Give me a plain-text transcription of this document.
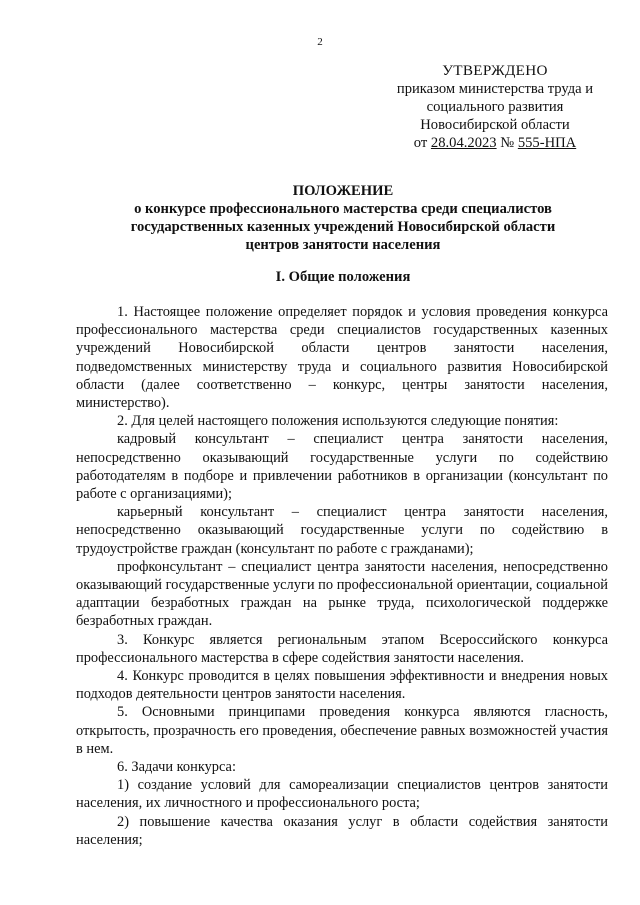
2
УТВЕРЖДЕНО
приказом министерства труда и
социального развития
Новосибирской области
от 28.04.2023 № 555-НПА
ПОЛОЖЕНИЕ
о конкурсе профессионального мастерства среди специалистов
государственных казенных учреждений Новосибирской области
центров занятости населения
I. Общие положения

1. Настоящее положение определяет порядок и условия проведения конкурса профессионального мастерства среди специалистов государственных казенных учреждений Новосибирской области центров занятости населения, подведомственных министерству труда и социального развития Новосибирской области (далее соответственно – конкурс, центры занятости населения, министерство).

2. Для целей настоящего положения используются следующие понятия:

кадровый консультант – специалист центра занятости населения, непосредственно оказывающий государственные услуги по содействию работодателям в подборе и привлечении работников в организации (консультант по работе с организациями);

карьерный консультант – специалист центра занятости населения, непосредственно оказывающий государственные услуги по содействию в трудоустройстве граждан (консультант по работе с гражданами);

профконсультант – специалист центра занятости населения, непосредственно оказывающий государственные услуги по профессиональной ориентации, социальной адаптации безработных граждан на рынке труда, психологической поддержке безработных граждан.

3. Конкурс является региональным этапом Всероссийского конкурса профессионального мастерства в сфере содействия занятости населения.

4. Конкурс проводится в целях повышения эффективности и внедрения новых подходов деятельности центров занятости населения.

5. Основными принципами проведения конкурса являются гласность, открытость, прозрачность его проведения, обеспечение равных возможностей участия в нем.

6. Задачи конкурса:

1) создание условий для самореализации специалистов центров занятости населения, их личностного и профессионального роста;

2) повышение качества оказания услуг в области содействия занятости населения;
